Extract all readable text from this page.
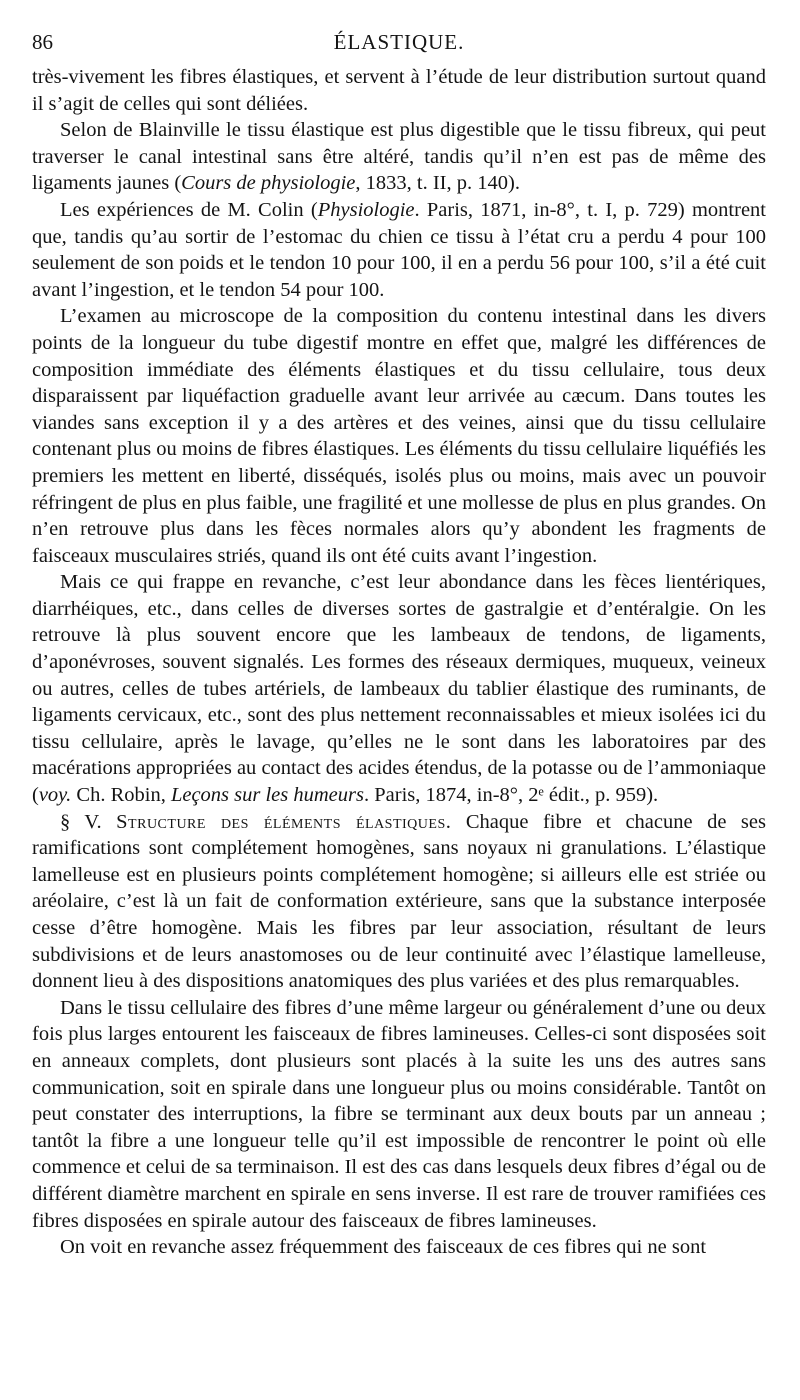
86	ÉLASTIQUE.

très-vivement les fibres élastiques, et servent à l’étude de leur distribution surtout quand il s’agit de celles qui sont déliées.

Selon de Blainville le tissu élastique est plus digestible que le tissu fibreux, qui peut traverser le canal intestinal sans être altéré, tandis qu’il n’en est pas de même des ligaments jaunes (Cours de physiologie, 1833, t. II, p. 140).

Les expériences de M. Colin (Physiologie. Paris, 1871, in-8°, t. I, p. 729) montrent que, tandis qu’au sortir de l’estomac du chien ce tissu à l’état cru a perdu 4 pour 100 seulement de son poids et le tendon 10 pour 100, il en a perdu 56 pour 100, s’il a été cuit avant l’ingestion, et le tendon 54 pour 100.

L’examen au microscope de la composition du contenu intestinal dans les divers points de la longueur du tube digestif montre en effet que, malgré les différences de composition immédiate des éléments élastiques et du tissu cellulaire, tous deux disparaissent par liquéfaction graduelle avant leur arrivée au cæcum. Dans toutes les viandes sans exception il y a des artères et des veines, ainsi que du tissu cellulaire contenant plus ou moins de fibres élastiques. Les éléments du tissu cellulaire liquéfiés les premiers les mettent en liberté, disséqués, isolés plus ou moins, mais avec un pouvoir réfringent de plus en plus faible, une fragilité et une mollesse de plus en plus grandes. On n’en retrouve plus dans les fèces normales alors qu’y abondent les fragments de faisceaux musculaires striés, quand ils ont été cuits avant l’ingestion.

Mais ce qui frappe en revanche, c’est leur abondance dans les fèces lientériques, diarrhéiques, etc., dans celles de diverses sortes de gastralgie et d’entéralgie. On les retrouve là plus souvent encore que les lambeaux de tendons, de ligaments, d’aponévroses, souvent signalés. Les formes des réseaux dermiques, muqueux, veineux ou autres, celles de tubes artériels, de lambeaux du tablier élastique des ruminants, de ligaments cervicaux, etc., sont des plus nettement reconnaissables et mieux isolées ici du tissu cellulaire, après le lavage, qu’elles ne le sont dans les laboratoires par des macérations appropriées au contact des acides étendus, de la potasse ou de l’ammoniaque (voy. Ch. Robin, Leçons sur les humeurs. Paris, 1874, in-8°, 2ᵉ édit., p. 959).

§ V. Structure des éléments élastiques. Chaque fibre et chacune de ses ramifications sont complétement homogènes, sans noyaux ni granulations. L’élastique lamelleuse est en plusieurs points complétement homogène; si ailleurs elle est striée ou aréolaire, c’est là un fait de conformation extérieure, sans que la substance interposée cesse d’être homogène. Mais les fibres par leur association, résultant de leurs subdivisions et de leurs anastomoses ou de leur continuité avec l’élastique lamelleuse, donnent lieu à des dispositions anatomiques des plus variées et des plus remarquables.

Dans le tissu cellulaire des fibres d’une même largeur ou généralement d’une ou deux fois plus larges entourent les faisceaux de fibres lamineuses. Celles-ci sont disposées soit en anneaux complets, dont plusieurs sont placés à la suite les uns des autres sans communication, soit en spirale dans une longueur plus ou moins considérable. Tantôt on peut constater des interruptions, la fibre se terminant aux deux bouts par un anneau ; tantôt la fibre a une longueur telle qu’il est impossible de rencontrer le point où elle commence et celui de sa terminaison. Il est des cas dans lesquels deux fibres d’égal ou de différent diamètre marchent en spirale en sens inverse. Il est rare de trouver ramifiées ces fibres disposées en spirale autour des faisceaux de fibres lamineuses.

On voit en revanche assez fréquemment des faisceaux de ces fibres qui ne sont
